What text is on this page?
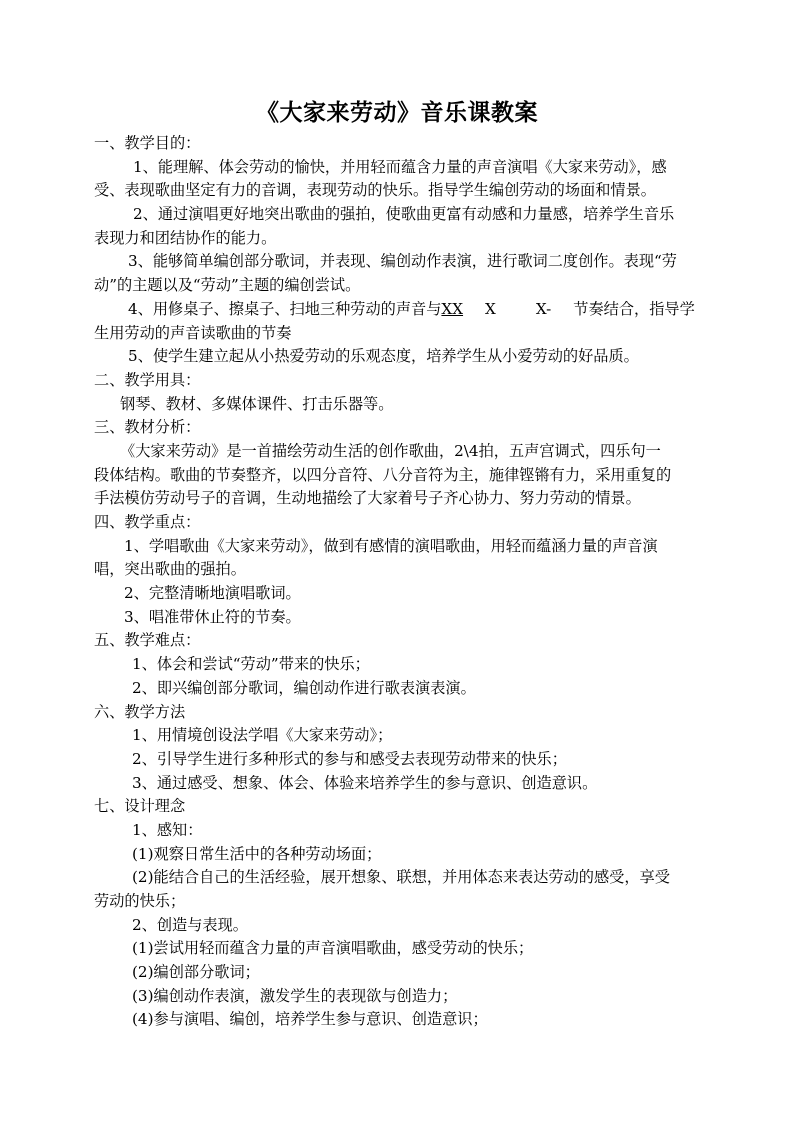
《大家来劳动》音乐课教案
一、教学目的：
1、能理解、体会劳动的愉快，并用轻而蕴含力量的声音演唱《大家来劳动》，感
受、表现歌曲坚定有力的音调，表现劳动的快乐。指导学生编创劳动的场面和情景。
2、通过演唱更好地突出歌曲的强拍，使歌曲更富有动感和力量感，培养学生音乐
表现力和团结协作的能力。
3、能够简单编创部分歌词，并表现、编创动作表演，进行歌词二度创作。表现“劳
动”的主题以及“劳动”主题的编创尝试。
4、用修桌子、擦桌子、扫地三种劳动的声音与XX X	X- 节奏结合，指导学
生用劳动的声音读歌曲的节奏
5、使学生建立起从小热爱劳动的乐观态度，培养学生从小爱劳动的好品质。
二、教学用具：
钢琴、教材、多媒体课件、打击乐器等。
三、教材分析：
《大家来劳动》是一首描绘劳动生活的创作歌曲，2\4拍，五声宫调式，四乐句一
段体结构。歌曲的节奏整齐，以四分音符、八分音符为主，施律铿锵有力，采用重复的
手法模仿劳动号子的音调，生动地描绘了大家着号子齐心协力、努力劳动的情景。
四、教学重点：
1、学唱歌曲《大家来劳动》，做到有感情的演唱歌曲，用轻而蕴涵力量的声音演
唱，突出歌曲的强拍。
2、完整清晰地演唱歌词。
3、唱准带休止符的节奏。
五、教学难点：
1、体会和尝试“劳动”带来的快乐；
2、即兴编创部分歌词，编创动作进行歌表演表演。
六、教学方法
1、用情境创设法学唱《大家来劳动》；
2、引导学生进行多种形式的参与和感受去表现劳动带来的快乐；
3、通过感受、想象、体会、体验来培养学生的参与意识、创造意识。
七、设计理念
1、感知：
(1)观察日常生活中的各种劳动场面；
(2)能结合自己的生活经验，展开想象、联想，并用体态来表达劳动的感受，享受
劳动的快乐；
2、创造与表现。
(1)尝试用轻而蕴含力量的声音演唱歌曲，感受劳动的快乐；
(2)编创部分歌词；
(3)编创动作表演，激发学生的表现欲与创造力；
(4)参与演唱、编创，培养学生参与意识、创造意识；
